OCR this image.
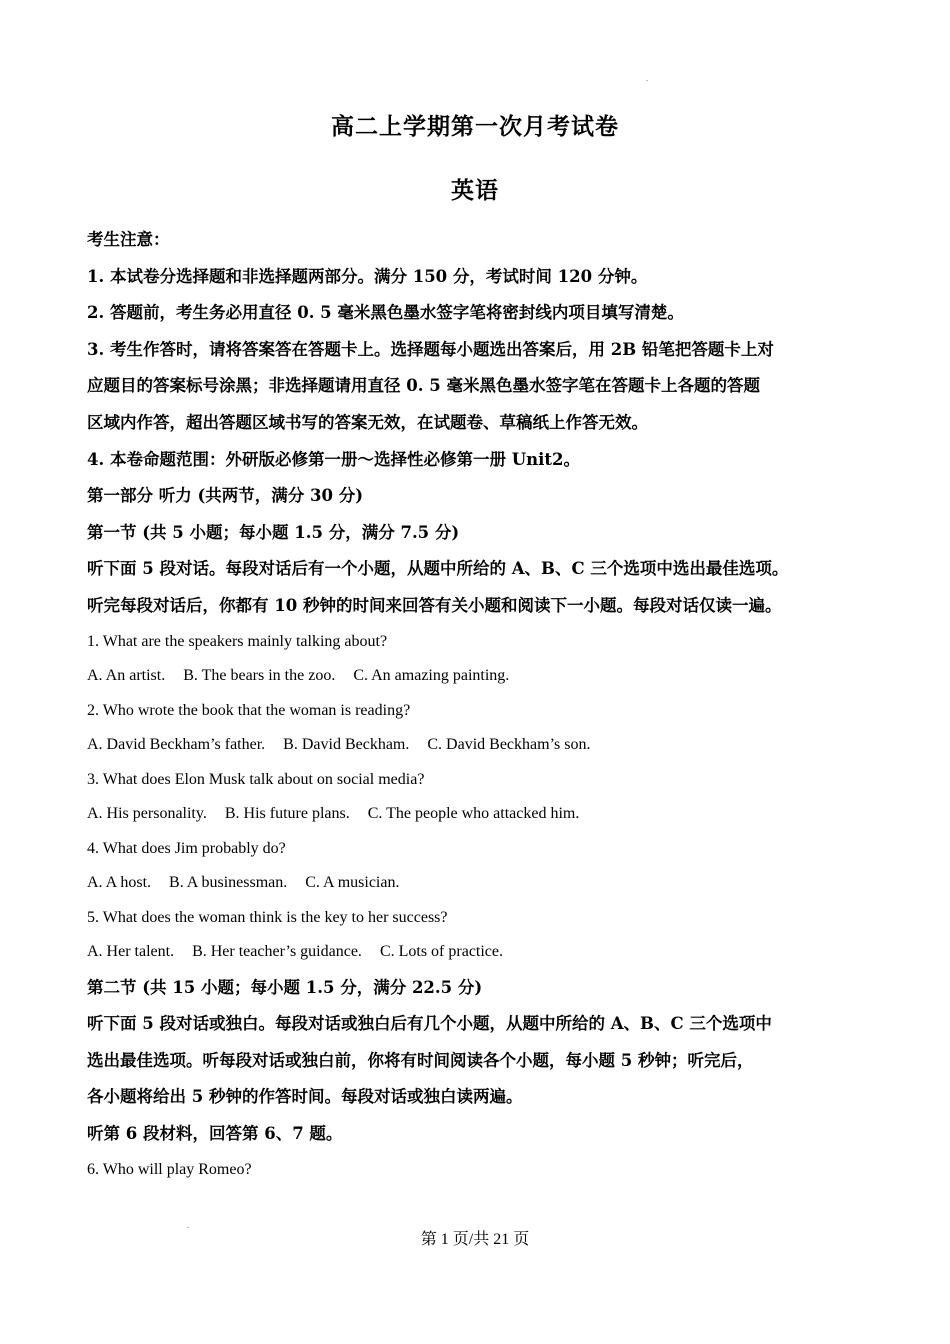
高二上学期第一次月考试卷
英语
考生注意：
1. 本试卷分选择题和非选择题两部分。满分 150 分，考试时间 120 分钟。
2. 答题前，考生务必用直径 0. 5 毫米黑色墨水签字笔将密封线内项目填写清楚。
3. 考生作答时，请将答案答在答题卡上。选择题每小题选出答案后，用 2B 铅笔把答题卡上对
应题目的答案标号涂黑；非选择题请用直径 0. 5 毫米黑色墨水签字笔在答题卡上各题的答题
区域内作答，超出答题区域书写的答案无效，在试题卷、草稿纸上作答无效。
4. 本卷命题范围：外研版必修第一册～选择性必修第一册 Unit2。
第一部分 听力 (共两节，满分 30 分)
第一节 (共 5 小题；每小题 1.5 分，满分 7.5 分)
听下面 5 段对话。每段对话后有一个小题，从题中所给的 A、B、C 三个选项中选出最佳选项。
听完每段对话后，你都有 10 秒钟的时间来回答有关小题和阅读下一小题。每段对话仅读一遍。
1. What are the speakers mainly talking about?
A. An artist. B. The bears in the zoo. C. An amazing painting.
2. Who wrote the book that the woman is reading?
A. David Beckham’s father. B. David Beckham. C. David Beckham’s son.
3. What does Elon Musk talk about on social media?
A. His personality. B. His future plans. C. The people who attacked him.
4. What does Jim probably do?
A. A host. B. A businessman. C. A musician.
5. What does the woman think is the key to her success?
A. Her talent. B. Her teacher’s guidance. C. Lots of practice.
第二节 (共 15 小题；每小题 1.5 分，满分 22.5 分)
听下面 5 段对话或独白。每段对话或独白后有几个小题，从题中所给的 A、B、C 三个选项中
选出最佳选项。听每段对话或独白前，你将有时间阅读各个小题，每小题 5 秒钟；听完后，
各小题将给出 5 秒钟的作答时间。每段对话或独白读两遍。
听第 6 段材料，回答第 6、7 题。
6. Who will play Romeo?
第 1 页/共 21 页
